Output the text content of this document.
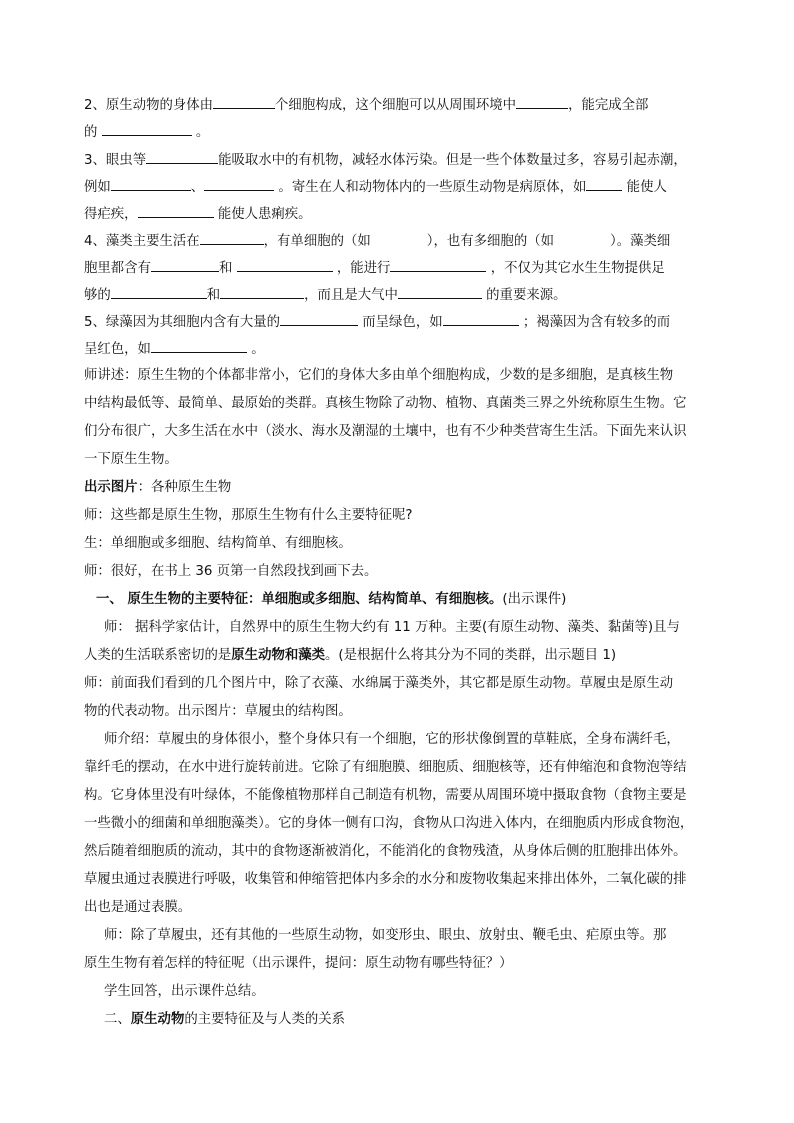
2、原生动物的身体由	个细胞构成，这个细胞可以从周围环境中	，能完成全部
的	。
3、眼虫等	能吸取水中的有机物，减轻水体污染。但是一些个体数量过多，容易引起赤潮，
例如	、	。寄生在人和动物体内的一些原生动物是病原体，如	能使人
得疟疾，	能使人患痢疾。
4、藻类主要生活在	，有单细胞的（如	），也有多细胞的（如	）。藻类细
胞里都含有	和	，能进行	，不仅为其它水生生物提供足
够的	和	，而且是大气中	的重要来源。
5、绿藻因为其细胞内含有大量的	而呈绿色，如	；褐藻因为含有较多的而
呈红色，如	。
师讲述：原生生物的个体都非常小，它们的身体大多由单个细胞构成，少数的是多细胞，是真核生物
中结构最低等、最简单、最原始的类群。真核生物除了动物、植物、真菌类三界之外统称原生生物。它
们分布很广，大多生活在水中（淡水、海水及潮湿的土壤中，也有不少种类营寄生生活。下面先来认识
一下原生生物。
出示图片：各种原生生物
师：这些都是原生生物，那原生生物有什么主要特征呢?
生：单细胞或多细胞、结构简单、有细胞核。
师：很好，在书上 36 页第一自然段找到画下去。
一、 原生生物的主要特征：单细胞或多细胞、结构简单、有细胞核。(出示课件)
师： 据科学家估计，自然界中的原生生物大约有 11 万种。主要(有原生动物、藻类、黏菌等)且与
人类的生活联系密切的是原生动物和藻类。(是根据什么将其分为不同的类群，出示题目 1)
师：前面我们看到的几个图片中，除了衣藻、水绵属于藻类外，其它都是原生动物。草履虫是原生动
物的代表动物。出示图片：草履虫的结构图。
师介绍：草履虫的身体很小，整个身体只有一个细胞，它的形状像倒置的草鞋底，全身布满纤毛，
靠纤毛的摆动，在水中进行旋转前进。它除了有细胞膜、细胞质、细胞核等，还有伸缩泡和食物泡等结
构。它身体里没有叶绿体，不能像植物那样自己制造有机物，需要从周围环境中摄取食物（食物主要是
一些微小的细菌和单细胞藻类）。它的身体一侧有口沟，食物从口沟进入体内，在细胞质内形成食物泡，
然后随着细胞质的流动，其中的食物逐渐被消化，不能消化的食物残渣，从身体后侧的肛胞排出体外。
草履虫通过表膜进行呼吸，收集管和伸缩管把体内多余的水分和废物收集起来排出体外，二氧化碳的排
出也是通过表膜。
师：除了草履虫，还有其他的一些原生动物，如变形虫、眼虫、放射虫、鞭毛虫、疟原虫等。那
原生生物有着怎样的特征呢（出示课件，提问：原生动物有哪些特征？）
学生回答，出示课件总结。
二、原生动物的主要特征及与人类的关系
